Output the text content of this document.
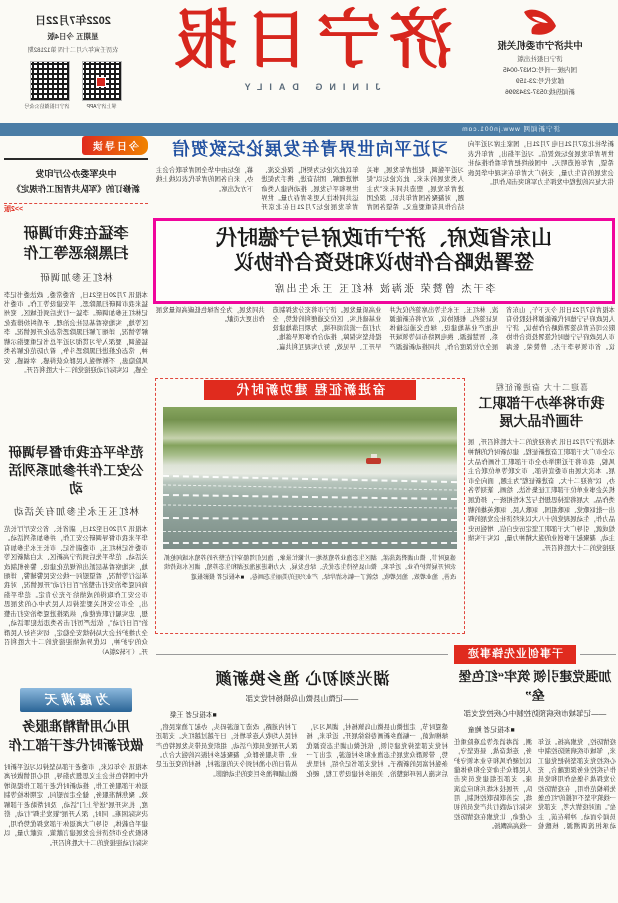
中共济宁市委机关报
济宁日报社出版
国内统一刊号:CN37-0045
邮发代号:23-159
新闻热线:0537-2343996
济宁日报
JINING DAILY
2022年7月22日
星期五 今日4版
农历壬寅年六月二十四 第12182期
掌上济宁APP
济宁日报微信公众号
济宁新闻网 www.jn001.com
新华社北京7月21日电 7月21日，国家主席习近平向世界青年发展论坛致贺信。习近平指出，青年代表希望，青年创造明天。中国始终把青年看作推动社会发展的有生力量，支持广大青年在实现中华民族伟大复兴的进程中发挥生力军和突击队作用。
习近平向世界青年发展论坛致贺信
习近平强调，促进青年发展，事关人类发展的未来。此次论坛以“促进青年发展，塑造共同未来”为主题，对凝聚各国青年共识、深化团结合作具有重要意义。希望各国青年以此次论坛为契机，深化交流、增进理解、团结奋进，携手为促进世界和平与发展、推动构建人类命运共同体注入更多青春力量。世界青年发展论坛7月21日在北京开幕，论坛由中华全国青年联合会主办，来自各国的青年代表以线上线下方式出席。
山东省政府、济宁市政府与宁德时代
签署战略合作协议和投资合作协议
李干杰 曾赞荣 张海波 林红玉 王永生出席
本报青岛7月21日讯 今天下午，山东省人民政府与宁德时代新能源科技股份有限公司在青岛签署战略合作协议，济宁市人民政府与宁德时代签署投资合作协议。省市领导李干杰、曾赞荣、张海波、林红玉、王永生等出席签约仪式并见证签约。根据协议，双方将在新能源电池产业基地建设、绿色交通运输体系、智慧能源、换电网络布局等领域开展全方位深度合作，共同推动新能源产业高质量发展。济宁市将充分发挥制造业基础扎实、区位交通便利的优势，全力打造一流营商环境，为项目落地建设提供坚实保障，推动合作事项早落地、早开工、早见效，努力实现互利共赢、共同发展，为全省绿色低碳高质量发展作出更大贡献。
奋进新征程 建功新时代
盛夏时节，微山湖碧波荡漾，湖区生态渔业养殖基地一片繁忙景象，渔民们驾船穿行在整齐的养殖水域间抢抓农时开展管护作业。近年来，微山县坚持生态优先、绿色发展，大力推进退渔还湖和生态养殖，湖区水质持续改善，渔业增效、渔民增收，绘就了一幅水清岸绿、产业兴旺的美丽生态画卷。 ■本报记者 摄影报道
干事创业先锋事迹
加强党建引领 筑牢“红色堡垒”
——记邹城市疾病预防控制中心疾控党支部
■本报记者 鲍童
疫情防控，党旗高扬。近年来，邹城市疾病预防控制中心疾控党支部坚持把党建工作与疾控业务深度融合，充分发挥战斗堡垒作用和党员先锋模范作用，在疫情防控一线筑牢坚不可摧的“红色堡垒”。面对疫情大考，支部党员闻令而动、冲锋在前，主动承担流调溯源、核酸检测、消毒消杀等急难险重任务，连续奋战、昼夜坚守，以过硬作风和专业本领守护人民群众生命安全和身体健康。支部还组建党员突击队，开展技术练兵和应急演练，完善联防联控机制，用实际行动践行共产党员的初心使命，让党旗在疫情防控一线高高飘扬。
湖光刻初心 渔乡换新颜
——记微山县微山岛镇杨村党支部
■本报记者 王粲
盛夏时节，走进微山县微山岛镇杨村，湖风习习，绿柳成荫，一幅渔乡新画卷徐徐展开。近年来，杨村党支部坚持党建引领，依托微山湖生态资源优势，带领群众发展生态渔业和乡村旅游，走出了一条强村富民的新路子。村党支部书记介绍，村里先后实施人居环境整治、美丽乡村建设等工程，硬化了村内道路，改造了旅游码头，办起了渔家民宿，村民人均收入连年增长，日子越过越红火。支部还深入开展党员联户活动，组织党员带头发展特色产业、带头服务群众，凝聚起乡村振兴的强大合力。从昔日的小渔村到今天的旅游村，杨村的变迁正是微山湖畔渔乡巨变的生动缩影。
喜迎二十大 奋进新征程
我市将举办干部职工
书画作品大展
本报济宁7月21日讯 为喜迎党的二十大胜利召开，展示全市广大干部职工奋进新征程、建功新时代的精神风貌，我市将于近期举办全市干部职工书画作品大展。本次大展由市委宣传部、市文联等单位联合主办，以“喜迎二十大、奋进新征程”为主题，面向全市机关企事业单位干部职工征集书法、绘画、篆刻等各类作品。大展将坚持思想性与艺术性相统一，择优展出一批讴歌党、讴歌祖国、讴歌人民、讴歌英雄的精品力作，生动展现党的十八大以来经济社会发展的辉煌成就，引导广大干部职工坚定历史自信、增强历史主动，凝聚起干事创业的强大精神力量，以实干实绩迎接党的二十大胜利召开。
今日导读
中央军委办公厅印发
新修订的《军队共青团工作规定》
>>2版
李猛在我市调研
扫黑除恶等工作
林红玉参加调研
本报讯 7月20日至21日，省委常委、政法委书记李猛来我市调研扫黑除恶、平安建设等工作。市委书记林红玉参加调研。李猛一行先后到任城区、兖州区等地，实地察看基层社会治理、矛盾纠纷排查化解等情况，详细了解扫黑除恶常态化开展情况。李猛强调，要深入学习贯彻习近平总书记重要指示精神，常态化推进扫黑除恶斗争，着力防范化解各类风险隐患，不断增强人民群众获得感、幸福感、安全感，以实际行动迎接党的二十大胜利召开。
范华平在我市督导调研
公安工作并参加系列活动
林红玉王永生参加有关活动
本报讯 7月20日至21日，副省长、省公安厅厅长范华平来我市督导调研公安工作，并参加系列活动。市委书记林红玉，市委副书记、市长王永生参加有关活动。范华平先后到济宁高新区、太白湖新区等地，实地察看基层派出所规范化建设、警务机制改革运行等情况，看望慰问一线公安民警辅警，详细询问夏季治安打击整治“百日行动”开展情况，对我市公安工作取得的成绩给予充分肯定。范华平指出，全市公安机关要坚持以人民为中心的发展思想，忠实履行职责使命，纵深推进夏季治安打击整治“百日行动”，依法严厉打击各类违法犯罪活动，全力维护社会大局持续安全稳定，切实当好人民群众的守护神，以优异成绩迎接党的二十大胜利召开。（下转2版A）
为霞满天
用心用情精准服务
做好新时代老干部工作
本报讯 今年以来，市委老干部局坚持以习近平新时代中国特色社会主义思想为指导，用心用情做好离退休干部服务工作，推动新时代老干部工作提质增效。聚焦精准服务，健全走访慰问、定期体检等制度，扎实开展“送学上门”活动，及时帮助老干部解决实际困难。同时，深入开展“银发生辉”行动，搭建平台载体，引导广大离退休干部发挥优势作用，积极为全市经济社会发展建言献策、贡献力量，以实际行动迎接党的二十大胜利召开。
